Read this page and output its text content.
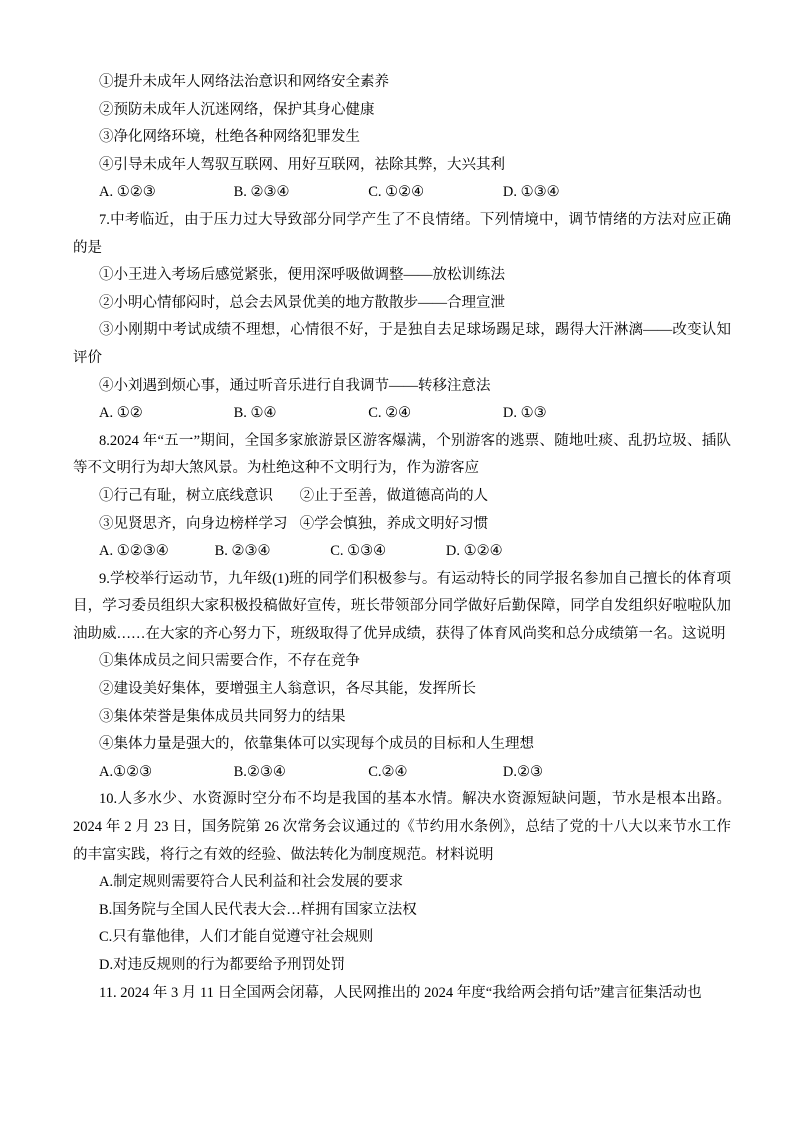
①提升未成年人网络法治意识和网络安全素养

②预防未成年人沉迷网络，保护其身心健康

③净化网络环境，杜绝各种网络犯罪发生

④引导未成年人驾驭互联网、用好互联网，祛除其弊，大兴其利

A. ①②③	B. ②③④	C. ①②④	D. ①③④

7.中考临近，由于压力过大导致部分同学产生了不良情绪。下列情境中，调节情绪的方法对应正确的是

①小王进入考场后感觉紧张，便用深呼吸做调整——放松训练法

②小明心情郁闷时，总会去风景优美的地方散散步——合理宣泄

③小刚期中考试成绩不理想，心情很不好，于是独自去足球场踢足球，踢得大汗淋漓——改变认知评价

④小刘遇到烦心事，通过听音乐进行自我调节——转移注意法

A. ①②	B. ①④	C. ②④	D. ①③

8.2024 年“五一”期间，全国多家旅游景区游客爆满，个别游客的逃票、随地吐痰、乱扔垃圾、插队等不文明行为却大煞风景。为杜绝这种不文明行为，作为游客应

①行己有耻，树立底线意识 ②止于至善，做道德高尚的人

③见贤思齐，向身边榜样学习 ④学会慎独，养成文明好习惯

A. ①②③④	B. ②③④	C. ①③④	D. ①②④

9.学校举行运动节，九年级(1)班的同学们积极参与。有运动特长的同学报名参加自己擅长的体育项目，学习委员组织大家积极投稿做好宣传，班长带领部分同学做好后勤保障，同学自发组织好啦啦队加油助威……在大家的齐心努力下，班级取得了优异成绩，获得了体育风尚奖和总分成绩第一名。这说明

①集体成员之间只需要合作，不存在竞争

②建设美好集体，要增强主人翁意识，各尽其能，发挥所长

③集体荣誉是集体成员共同努力的结果

④集体力量是强大的，依靠集体可以实现每个成员的目标和人生理想

A.①②③	B.②③④	C.②④	D.②③

10.人多水少、水资源时空分布不均是我国的基本水情。解决水资源短缺问题，节水是根本出路。2024 年 2 月 23 日，国务院第 26 次常务会议通过的《节约用水条例》，总结了党的十八大以来节水工作的丰富实践，将行之有效的经验、做法转化为制度规范。材料说明

A.制定规则需要符合人民利益和社会发展的要求

B.国务院与全国人民代表大会…样拥有国家立法权

C.只有靠他律，人们才能自觉遵守社会规则

D.对违反规则的行为都要给予刑罚处罚

11. 2024 年 3 月 11 日全国两会闭幕，人民网推出的 2024 年度“我给两会捎句话”建言征集活动也
